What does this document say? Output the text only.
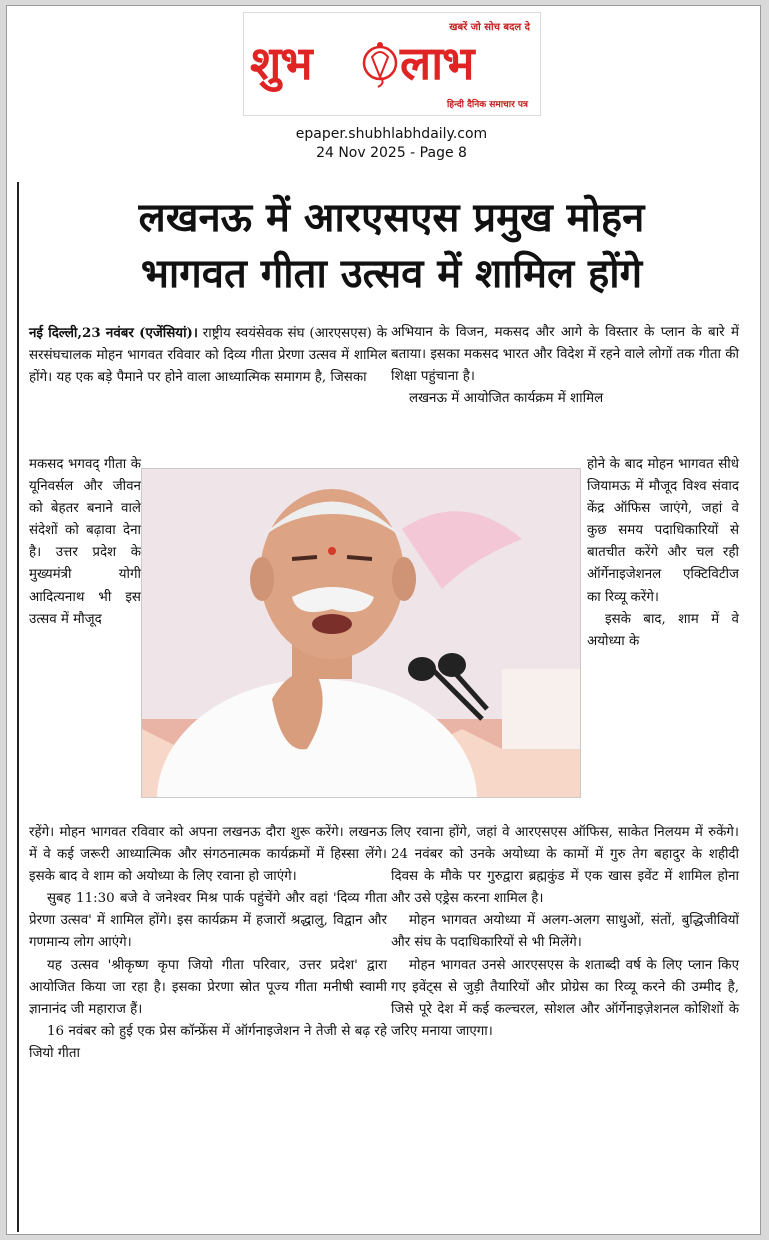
खबरें जो सोच बदल दे
शुभ लाभ
हिन्दी दैनिक समाचार पत्र
epaper.shubhlabhdaily.com
24 Nov 2025 - Page 8
लखनऊ में आरएसएस प्रमुख मोहन
भागवत गीता उत्सव में शामिल होंगे

नई दिल्ली,23 नवंबर (एजेंसियां)। राष्ट्रीय स्वयंसेवक संघ (आरएसएस) के सरसंघचालक मोहन भागवत रविवार को दिव्य गीता प्रेरणा उत्सव में शामिल होंगे। यह एक बड़े पैमाने पर होने वाला आध्यात्मिक समागम है, जिसका

मकसद भगवद् गीता के यूनिवर्सल और जीवन को बेहतर बनाने वाले संदेशों को बढ़ावा देना है। उत्तर प्रदेश के मुख्यमंत्री योगी आदित्यनाथ भी इस उत्सव में मौजूद

रहेंगे। मोहन भागवत रविवार को अपना लखनऊ दौरा शुरू करेंगे। लखनऊ में वे कई जरूरी आध्यात्मिक और संगठनात्मक कार्यक्रमों में हिस्सा लेंगे। इसके बाद वे शाम को अयोध्या के लिए रवाना हो जाएंगे।

सुबह 11:30 बजे वे जनेश्वर मिश्र पार्क पहुंचेंगे और वहां 'दिव्य गीता प्रेरणा उत्सव' में शामिल होंगे। इस कार्यक्रम में हजारों श्रद्धालु, विद्वान और गणमान्य लोग आएंगे।

यह उत्सव 'श्रीकृष्ण कृपा जियो गीता परिवार, उत्तर प्रदेश' द्वारा आयोजित किया जा रहा है। इसका प्रेरणा स्रोत पूज्य गीता मनीषी स्वामी ज्ञानानंद जी महाराज हैं।

16 नवंबर को हुई एक प्रेस कॉन्फ्रेंस में ऑर्गनाइजेशन ने तेजी से बढ़ रहे जियो गीता

अभियान के विजन, मकसद और आगे के विस्तार के प्लान के बारे में बताया। इसका मकसद भारत और विदेश में रहने वाले लोगों तक गीता की शिक्षा पहुंचाना है।

लखनऊ में आयोजित कार्यक्रम में शामिल

होने के बाद मोहन भागवत सीधे जियामऊ में मौजूद विश्व संवाद केंद्र ऑफिस जाएंगे, जहां वे कुछ समय पदाधिकारियों से बातचीत करेंगे और चल रही ऑर्गेनाइजेशनल एक्टिविटीज का रिव्यू करेंगे।

इसके बाद, शाम में वे अयोध्या के

लिए रवाना होंगे, जहां वे आरएसएस ऑफिस, साकेत निलयम में रुकेंगे। 24 नवंबर को उनके अयोध्या के कामों में गुरु तेग बहादुर के शहीदी दिवस के मौके पर गुरुद्वारा ब्रह्मकुंड में एक खास इवेंट में शामिल होना और उसे एड्रेस करना शामिल है।

मोहन भागवत अयोध्या में अलग-अलग साधुओं, संतों, बुद्धिजीवियों और संघ के पदाधिकारियों से भी मिलेंगे।

मोहन भागवत उनसे आरएसएस के शताब्दी वर्ष के लिए प्लान किए गए इवेंट्स से जुड़ी तैयारियों और प्रोग्रेस का रिव्यू करने की उम्मीद है, जिसे पूरे देश में कई कल्चरल, सोशल और ऑर्गेनाइज़ेशनल कोशिशों के जरिए मनाया जाएगा।
